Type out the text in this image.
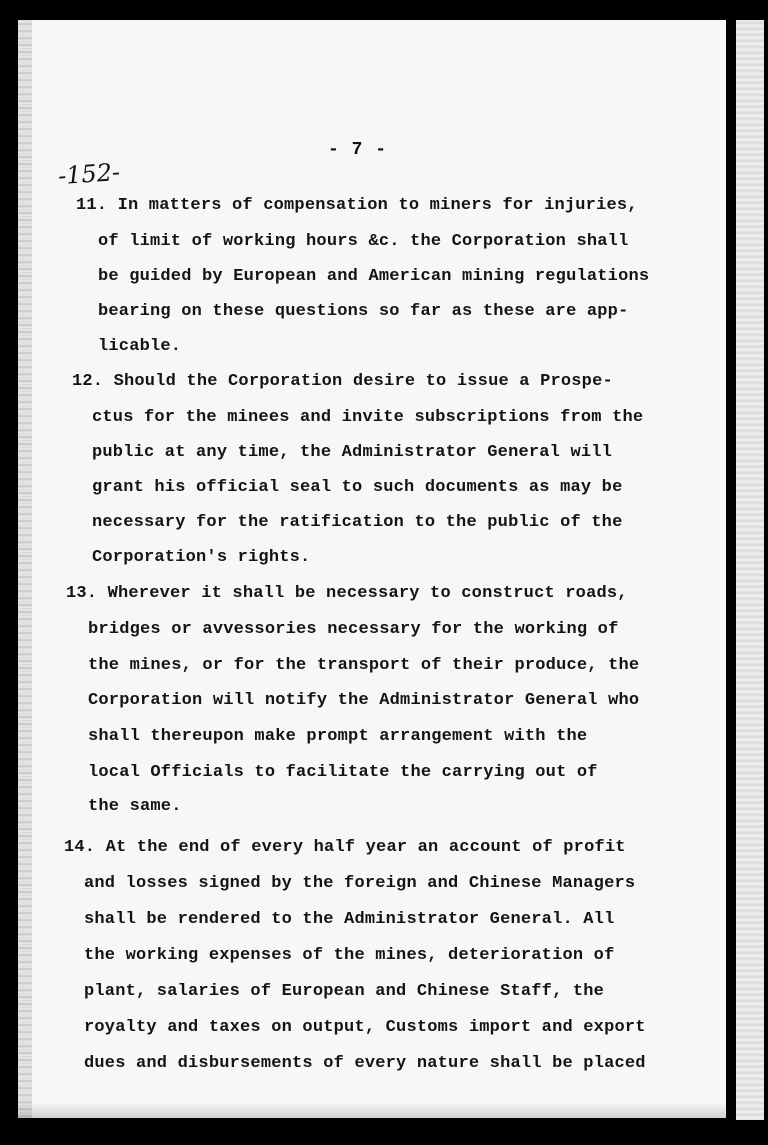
- 7 -
-152-
11. In matters of compensation to miners for injuries,
of limit of working hours &c. the Corporation shall
be guided by European and American mining regulations
bearing on these questions so far as these are app-
licable.
12. Should the Corporation desire to issue a Prospe-
ctus for the minees and invite subscriptions from the
public at any time, the Administrator General will
grant his official seal to such documents as may be
necessary for the ratification to the public of the
Corporation's rights.
13. Wherever it shall be necessary to construct roads,
bridges or avvessories necessary for the working of
the mines, or for the transport of their produce, the
Corporation will notify the Administrator General who
shall thereupon make prompt arrangement with the
local Officials to facilitate the carrying out of
the same.
14. At the end of every half year an account of profit
and losses signed by the foreign and Chinese Managers
shall be rendered to the Administrator General. All
the working expenses of the mines, deterioration of
plant, salaries of European and Chinese Staff, the
royalty and taxes on output, Customs import and export
dues and disbursements of every nature shall be placed
